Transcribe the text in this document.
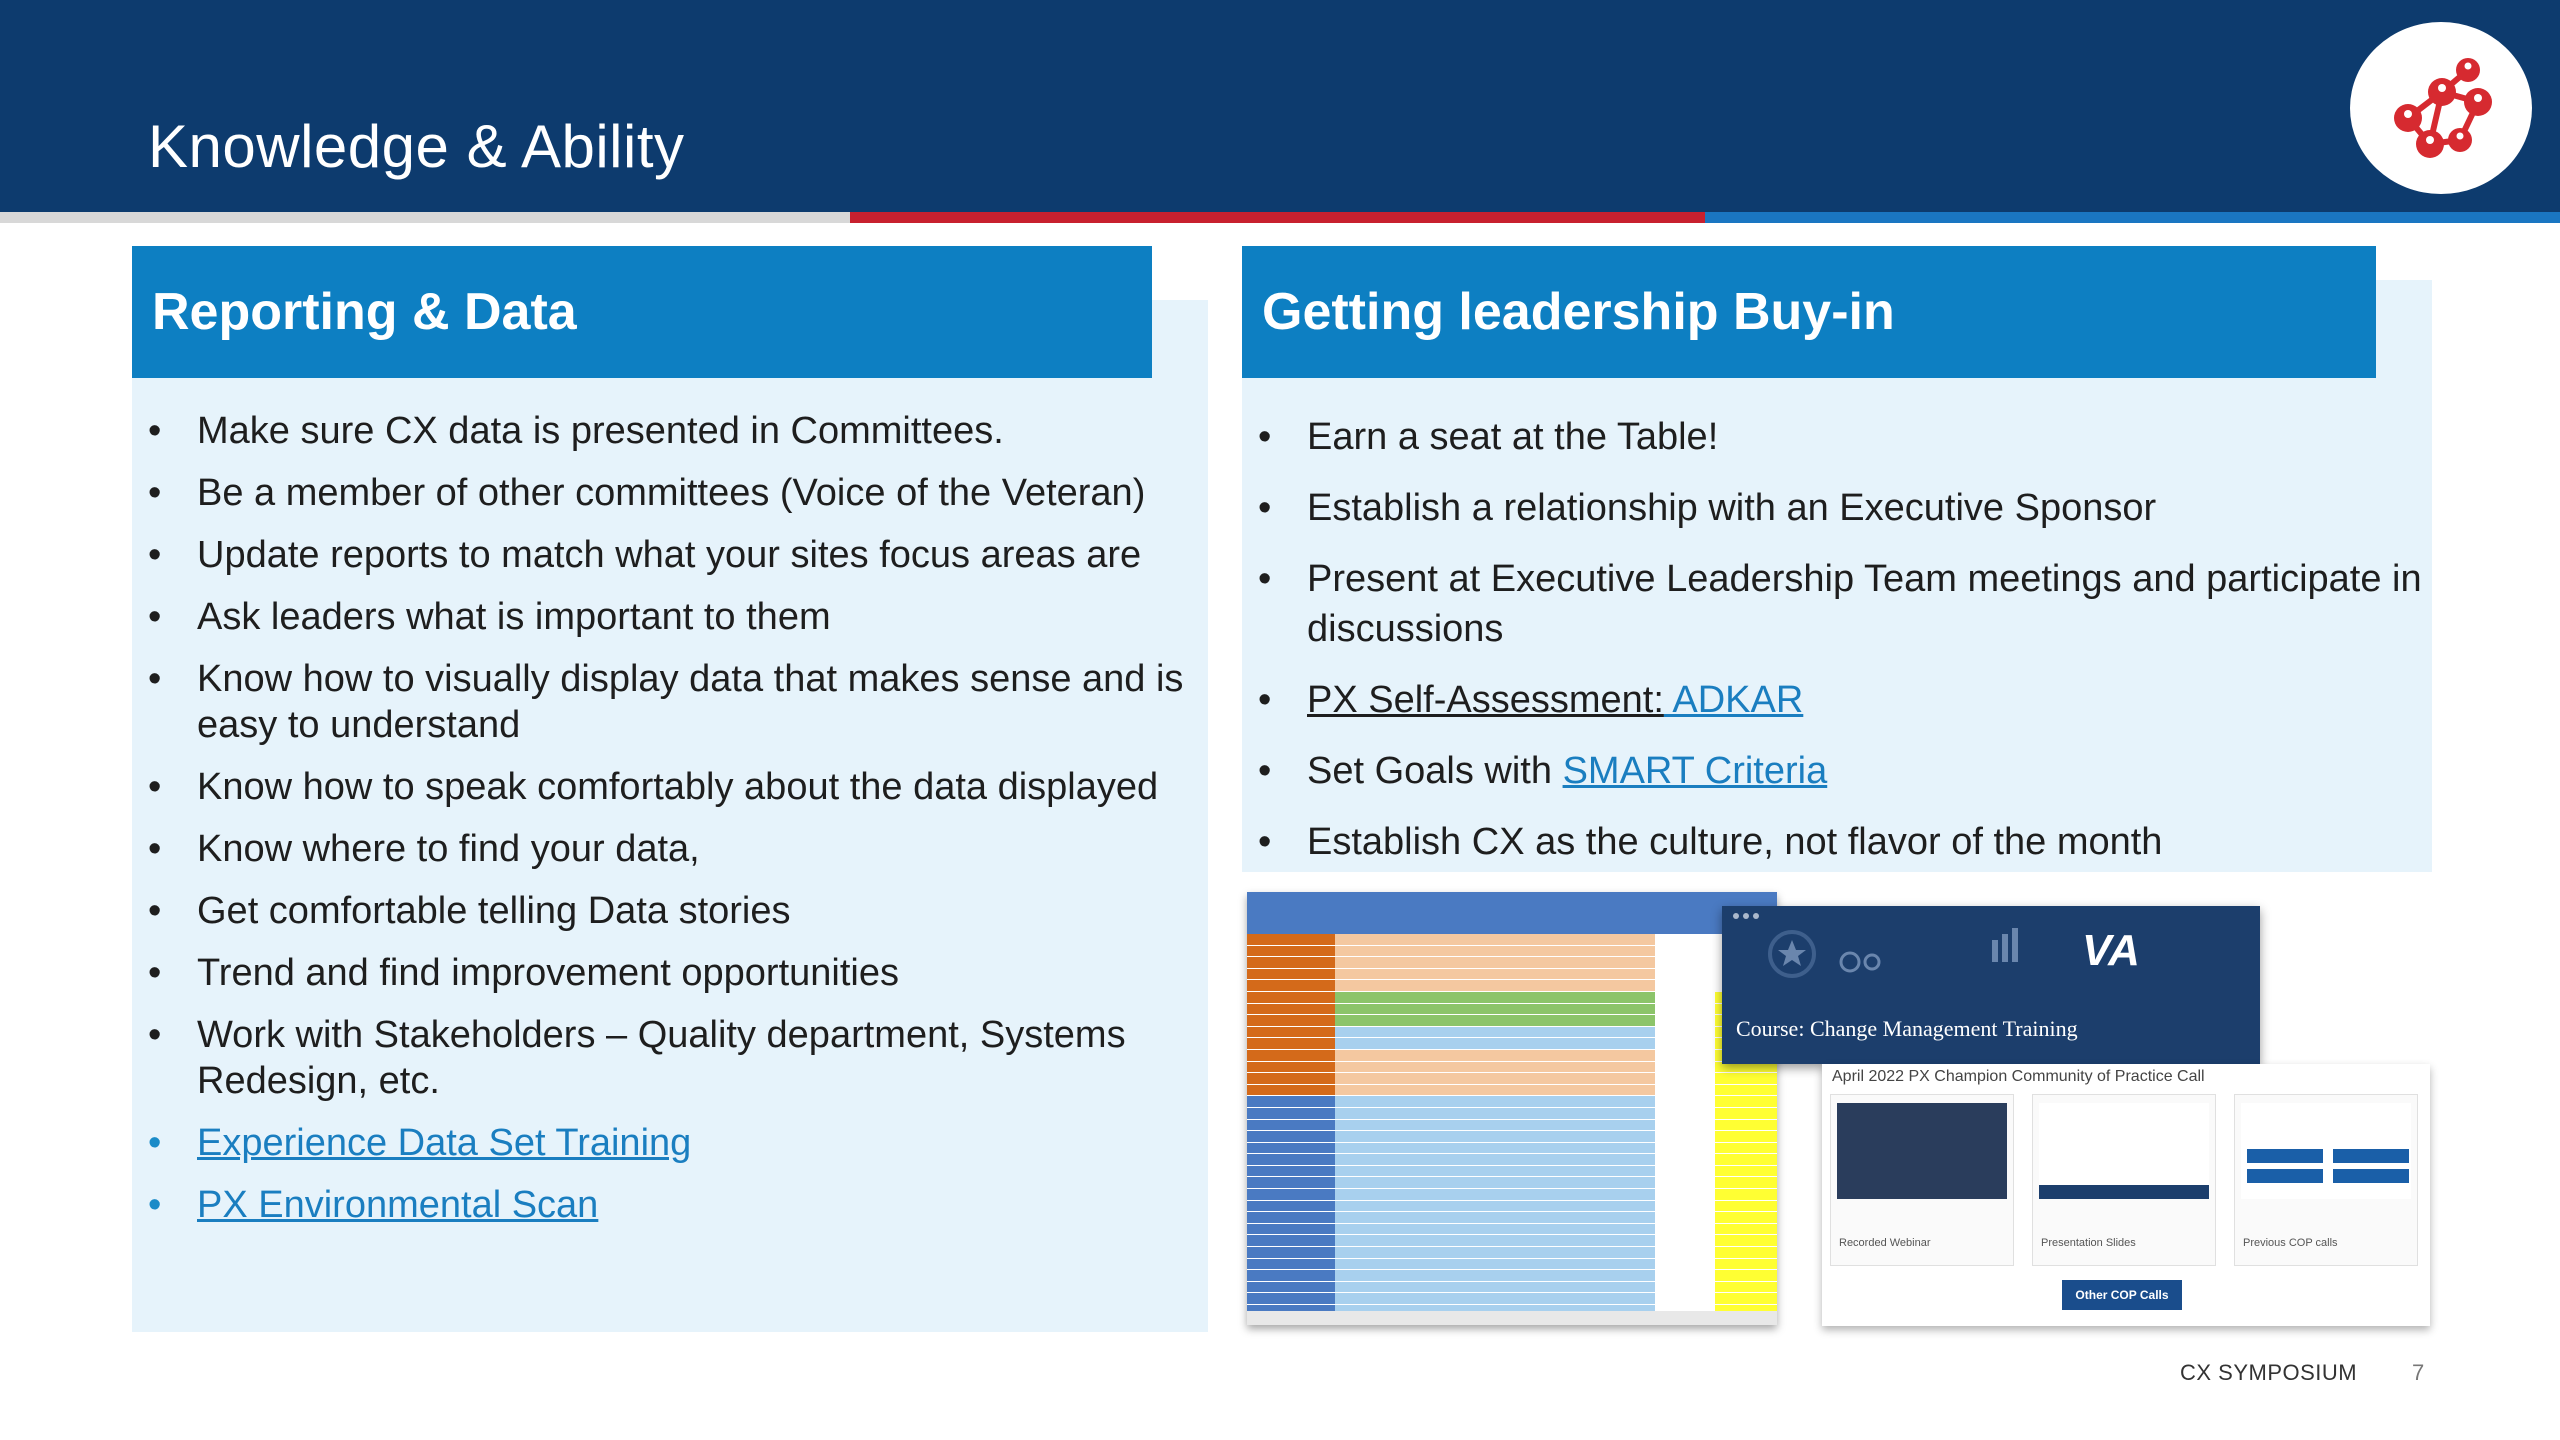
Knowledge & Ability
Reporting & Data
• Make sure CX data is presented in Committees.
• Be a member of other committees (Voice of the Veteran)
• Update reports to match what your sites focus areas are
• Ask leaders what is important to them
• Know how to visually display data that makes sense and is easy to understand
• Know how to speak comfortably about the data displayed
• Know where to find your data,
• Get comfortable telling Data stories
• Trend and find improvement opportunities
• Work with Stakeholders – Quality department, Systems Redesign, etc.
• Experience Data Set Training
• PX Environmental Scan
Getting leadership Buy-in
• Earn a seat at the Table!
• Establish a relationship with an Executive Sponsor
• Present at Executive Leadership Team meetings and participate in discussions
• PX Self-Assessment: ADKAR
• Set Goals with SMART Criteria
• Establish CX as the culture, not flavor of the month
VA
Course: Change Management Training
April 2022 PX Champion Community of Practice Call
Recorded Webinar	Presentation Slides	Previous COP calls
Other COP Calls
CX SYMPOSIUM 7
